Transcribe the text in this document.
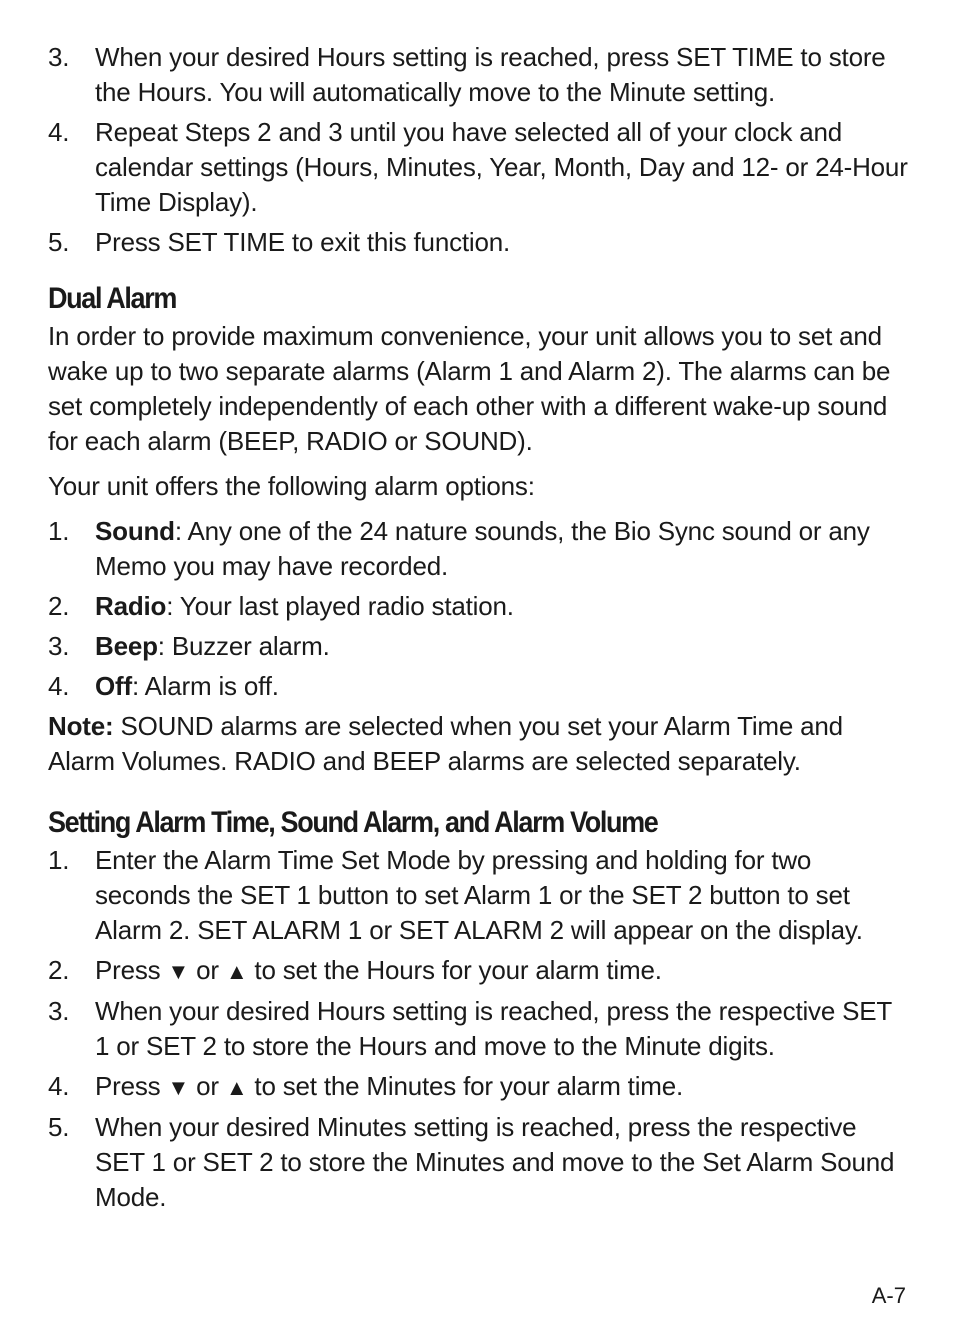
3. When your desired Hours setting is reached, press SET TIME to store the Hours. You will automatically move to the Minute setting.
4. Repeat Steps 2 and 3 until you have selected all of your clock and calendar settings (Hours, Minutes, Year, Month, Day and 12- or 24-Hour Time Display).
5. Press SET TIME to exit this function.
Dual Alarm

In order to provide maximum convenience, your unit allows you to set and wake up to two separate alarms (Alarm 1 and Alarm 2). The alarms can be set completely independently of each other with a different wake-up sound for each alarm (BEEP, RADIO or SOUND).

Your unit offers the following alarm options:

1. Sound: Any one of the 24 nature sounds, the Bio Sync sound or any Memo you may have recorded.
2. Radio: Your last played radio station.
3. Beep: Buzzer alarm.
4. Off: Alarm is off.

Note: SOUND alarms are selected when you set your Alarm Time and Alarm Volumes. RADIO and BEEP alarms are selected separately.

Setting Alarm Time, Sound Alarm, and Alarm Volume
1. Enter the Alarm Time Set Mode by pressing and holding for two seconds the SET 1 button to set Alarm 1 or the SET 2 button to set Alarm 2. SET ALARM 1 or SET ALARM 2 will appear on the display.
2. Press ▼ or ▲ to set the Hours for your alarm time.
3. When your desired Hours setting is reached, press the respective SET 1 or SET 2 to store the Hours and move to the Minute digits.
4. Press ▼ or ▲ to set the Minutes for your alarm time.
5. When your desired Minutes setting is reached, press the respective SET 1 or SET 2 to store the Minutes and move to the Set Alarm Sound Mode.
A-7
